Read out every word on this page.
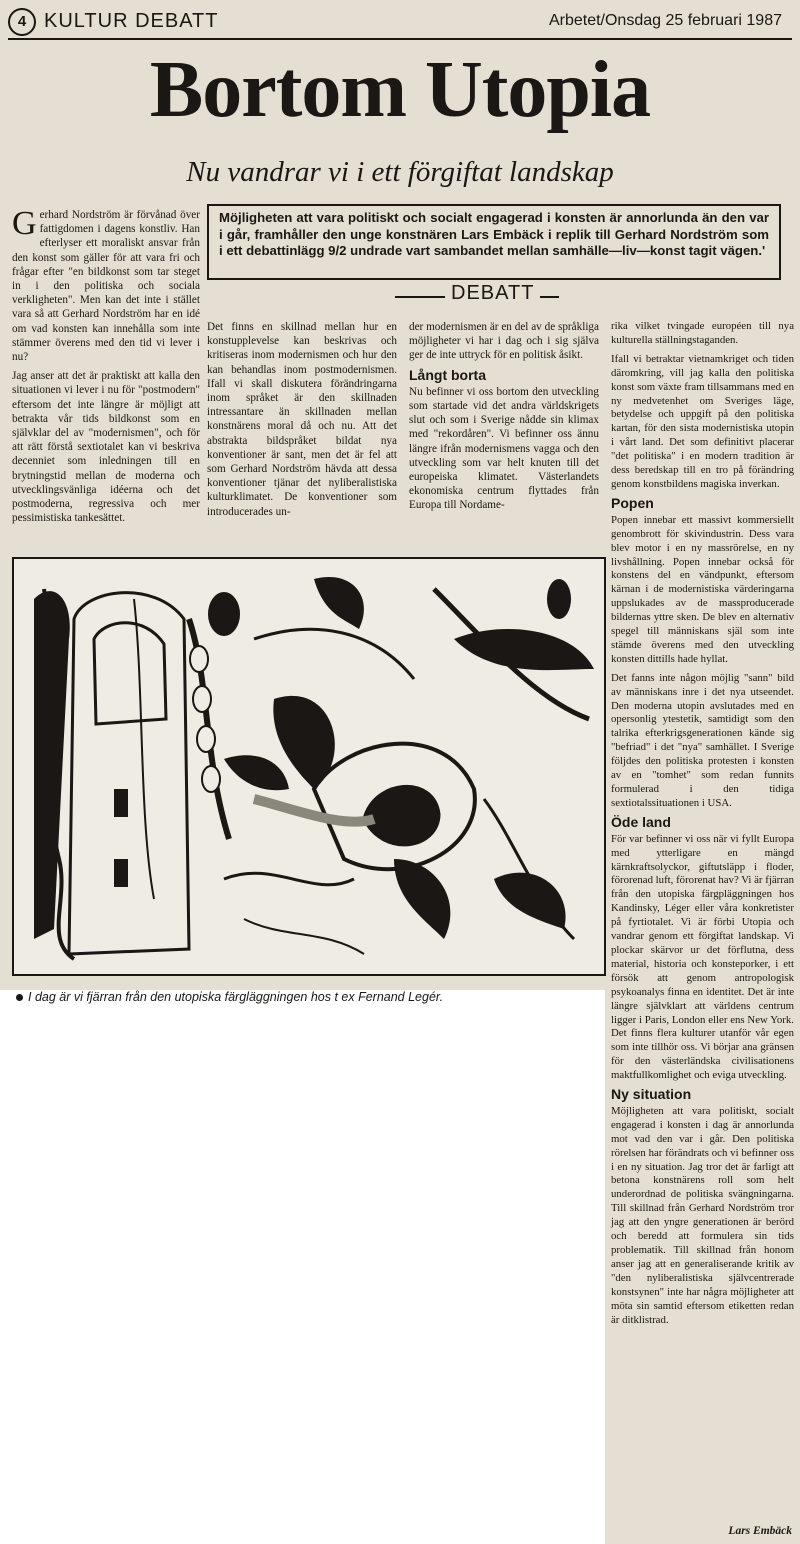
4 KULTUR DEBATT	Arbetet/Onsdag 25 februari 1987
Bortom Utopia
Nu vandrar vi i ett förgiftat landskap

Gerhard Nordström är förvånad över fattigdomen i dagens konstliv. Han efterlyser ett moraliskt ansvar från den konst som gäller för att vara fri och frågar efter "en bildkonst som tar steget in i den politiska och sociala verkligheten". Men kan det inte i stället vara så att Gerhard Nordström har en idé om vad konsten kan innehålla som inte stämmer överens med den tid vi lever i nu?

Jag anser att det är praktiskt att kalla den situationen vi lever i nu för "postmodern" eftersom det inte längre är möjligt att betrakta vår tids bildkonst som en självklar del av "modernismen", och för att rätt förstå sextiotalet kan vi beskriva decenniet som inledningen till en brytningstid mellan de moderna och utvecklingsvänliga idéerna och det postmoderna, regressiva och mer pessimistiska tankesättet.

Möjligheten att vara politiskt och socialt engagerad i konsten är annorlunda än den var i går, framhåller den unge konstnären Lars Embäck i replik till Gerhard Nordström som i ett debattinlägg 9/2 undrade vart sambandet mellan samhälle—liv—konst tagit vägen.'
DEBATT

Det finns en skillnad mellan hur en konstupplevelse kan beskrivas och kritiseras inom modernismen och hur den kan behandlas inom postmodernismen. Ifall vi skall diskutera förändringarna inom språket är den skillnaden intressantare än skillnaden mellan konstnärens moral då och nu. Att det abstrakta bildspråket bildat nya konventioner är sant, men det är fel att som Gerhard Nordström hävda att dessa konventioner tjänar det nyliberalistiska kulturklimatet. De konventioner som introducerades un-

der modernismen är en del av de språkliga möjligheter vi har i dag och i sig själva ger de inte uttryck för en politisk åsikt.

Långt borta

Nu befinner vi oss bortom den utveckling som startade vid det andra världskrigets slut och som i Sverige nådde sin klimax med "rekordåren". Vi befinner oss ännu längre ifrån modernismens vagga och den utveckling som var helt knuten till det europeiska klimatet. Västerlandets ekonomiska centrum flyttades från Europa till Nordame-

rika vilket tvingade européen till nya kulturella ställningstaganden.

Ifall vi betraktar vietnamkriget och tiden däromkring, vill jag kalla den politiska konst som växte fram tillsammans med en ny medvetenhet om Sveriges läge, betydelse och uppgift på den politiska kartan, för den sista modernistiska utopin i vårt land. Det som definitivt placerar "det politiska" i en modern tradition är dess beredskap till en tro på förändring genom konstbildens magiska inverkan.

Popen

Popen innebar ett massivt kommersiellt genombrott för skivindustrin. Dess vara blev motor i en ny massrörelse, en ny livshållning. Popen innebar också för konstens del en vändpunkt, eftersom kärnan i de modernistiska värderingarna uppslukades av de massproducerade bildernas yttre sken. De blev en alternativ spegel till människans själ som inte stämde överens med den utveckling konsten dittills hade hyllat.

Det fanns inte någon möjlig "sann" bild av människans inre i det nya utseendet. Den moderna utopin avslutades med en opersonlig ytestetik, samtidigt som den talrika efterkrigsgenerationen kände sig "befriad" i det "nya" samhället. I Sverige följdes den politiska protesten i konsten av en "tomhet" som redan funnits formulerad i den tidiga sextiotalssituationen i USA.

Öde land

För var befinner vi oss när vi fyllt Europa med ytterligare en mängd kärnkraftsolyckor, giftutsläpp i floder, förorenad luft, förorenat hav? Vi är fjärran från den utopiska färgpläggningen hos Kandinsky, Léger eller våra konkretister på fyrtiotalet. Vi är förbi Utopia och vandrar genom ett förgiftat landskap. Vi plockar skärvor ur det förflutna, dess material, historia och konsteporker, i ett försök att genom antropologisk psykoanalys finna en identitet. Det är inte längre självklart att världens centrum ligger i Paris, London eller ens New York. Det finns flera kulturer utanför vår egen som inte tillhör oss. Vi börjar ana gränsen för den västerländska civilisationens maktfullkomlighet och eviga utveckling.

Ny situation

Möjligheten att vara politiskt, socialt engagerad i konsten i dag är annorlunda mot vad den var i går. Den politiska rörelsen har förändrats och vi befinner oss i en ny situation. Jag tror det är farligt att betona konstnärens roll som helt underordnad de politiska svängningarna. Till skillnad från Gerhard Nordström tror jag att den yngre generationen är berörd och beredd att formulera sin tids problematik. Till skillnad från honom anser jag att en generaliserande kritik av "den nyliberalistiska självcentrerade konstsynen" inte har några möjligheter att möta sin samtid eftersom etiketten redan är ditklistrad.

I dag är vi fjärran från den utopiska färgläggningen hos t ex Fernand Legér.
Lars Embäck
